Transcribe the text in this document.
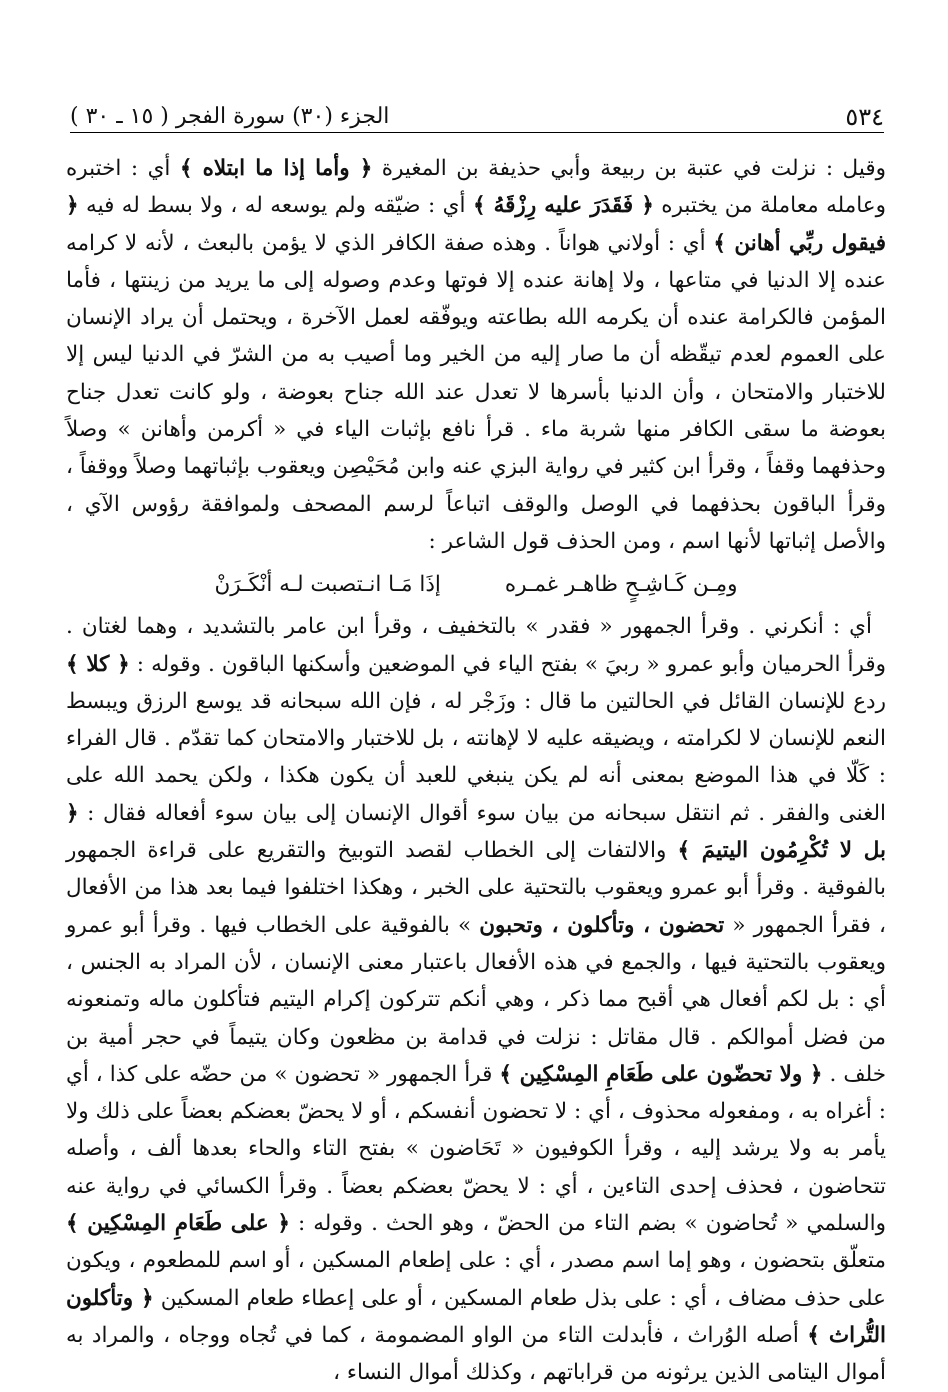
٥٣٤
الجزء (٣٠) سورة الفجر ( ١٥ ـ ٣٠ )

وقيل : نزلت في عتبة بن ربيعة وأبي حذيفة بن المغيرة ﴿ وأما إذا ما ابتلاه ﴾ أي : اختبره وعامله معاملة من يختبره ﴿ فَقَدَرَ عليه رِزْقَهُ ﴾ أي : ضيّقه ولم يوسعه له ، ولا بسط له فيه ﴿ فيقول ربِّي أهانن ﴾ أي : أولاني هواناً . وهذه صفة الكافر الذي لا يؤمن بالبعث ، لأنه لا كرامه عنده إلا الدنيا في متاعها ، ولا إهانة عنده إلا فوتها وعدم وصوله إلى ما يريد من زينتها ، فأما المؤمن فالكرامة عنده أن يكرمه الله بطاعته ويوفّقه لعمل الآخرة ، ويحتمل أن يراد الإنسان على العموم لعدم تيقّظه أن ما صار إليه من الخير وما أصيب به من الشرّ في الدنيا ليس إلا للاختبار والامتحان ، وأن الدنيا بأسرها لا تعدل عند الله جناح بعوضة ، ولو كانت تعدل جناح بعوضة ما سقى الكافر منها شربة ماء . قرأ نافع بإثبات الياء في « أكرمن وأهانن » وصلاً وحذفهما وقفاً ، وقرأ ابن كثير في رواية البزي عنه وابن مُحَيْصِن ويعقوب بإثباتهما وصلاً ووقفاً ، وقرأ الباقون بحذفهما في الوصل والوقف اتباعاً لرسم المصحف ولموافقة رؤوس الآي ، والأصل إثباتها لأنها اسم ، ومن الحذف قول الشاعر :

ومِـن كَـاشِـحٍ ظاهـر غمـره
إذَا مَـا انـتصبت لـه أنْكَـرَنْ

أي : أنكرني . وقرأ الجمهور « فقدر » بالتخفيف ، وقرأ ابن عامر بالتشديد ، وهما لغتان . وقرأ الحرميان وأبو عمرو « ربيَ » بفتح الياء في الموضعين وأسكنها الباقون . وقوله : ﴿ كلا ﴾ ردع للإنسان القائل في الحالتين ما قال : وزَجْر له ، فإن الله سبحانه قد يوسع الرزق ويبسط النعم للإنسان لا لكرامته ، ويضيقه عليه لا لإهانته ، بل للاختبار والامتحان كما تقدّم . قال الفراء : كَلّا في هذا الموضع بمعنى أنه لم يكن ينبغي للعبد أن يكون هكذا ، ولكن يحمد الله على الغنى والفقر . ثم انتقل سبحانه من بيان سوء أقوال الإنسان إلى بيان سوء أفعاله فقال : ﴿ بل لا تُكْرِمُون اليتيمَ ﴾ والالتفات إلى الخطاب لقصد التوبيخ والتقريع على قراءة الجمهور بالفوقية . وقرأ أبو عمرو ويعقوب بالتحتية على الخبر ، وهكذا اختلفوا فيما بعد هذا من الأفعال ، فقرأ الجمهور « تحضون ، وتأكلون ، وتحبون » بالفوقية على الخطاب فيها . وقرأ أبو عمرو ويعقوب بالتحتية فيها ، والجمع في هذه الأفعال باعتبار معنى الإنسان ، لأن المراد به الجنس ، أي : بل لكم أفعال هي أقبح مما ذكر ، وهي أنكم تتركون إكرام اليتيم فتأكلون ماله وتمنعونه من فضل أموالكم . قال مقاتل : نزلت في قدامة بن مظعون وكان يتيماً في حجر أمية بن خلف . ﴿ ولا تحضّون على طَعَامِ المِسْكِين ﴾ قرأ الجمهور « تحضون » من حضّه على كذا ، أي : أغراه به ، ومفعوله محذوف ، أي : لا تحضون أنفسكم ، أو لا يحضّ بعضكم بعضاً على ذلك ولا يأمر به ولا يرشد إليه ، وقرأ الكوفيون « تَحَاضون » بفتح التاء والحاء بعدها ألف ، وأصله تتحاضون ، فحذف إحدى التاءين ، أي : لا يحضّ بعضكم بعضاً . وقرأ الكسائي في رواية عنه والسلمي « تُحاضون » بضم التاء من الحضّ ، وهو الحث . وقوله : ﴿ على طَعَامِ المِسْكِين ﴾ متعلّق بتحضون ، وهو إما اسم مصدر ، أي : على إطعام المسكين ، أو اسم للمطعوم ، ويكون على حذف مضاف ، أي : على بذل طعام المسكين ، أو على إعطاء طعام المسكين ﴿ وتأكلون التُّراث ﴾ أصله الوُراث ، فأبدلت التاء من الواو المضمومة ، كما في تُجاه ووجاه ، والمراد به أموال اليتامى الذين يرثونه من قراباتهم ، وكذلك أموال النساء ،
